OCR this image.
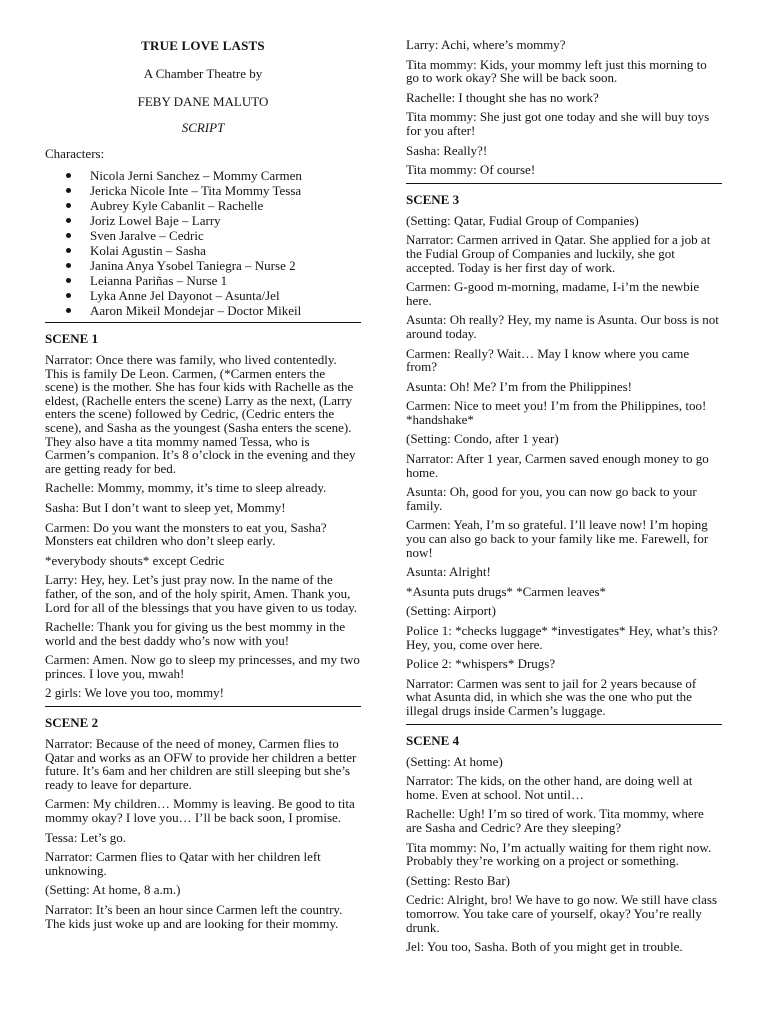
TRUE LOVE LASTS
A Chamber Theatre by
FEBY DANE MALUTO
SCRIPT
Characters:
Nicola Jerni Sanchez – Mommy Carmen
Jericka Nicole Inte – Tita Mommy Tessa
Aubrey Kyle Cabanlit – Rachelle
Joriz Lowel Baje – Larry
Sven Jaralve – Cedric
Kolai Agustin – Sasha
Janina Anya Ysobel Taniegra – Nurse 2
Leianna Pariñas – Nurse 1
Lyka Anne Jel Dayonot – Asunta/Jel
Aaron Mikeil Mondejar – Doctor Mikeil
SCENE 1

Narrator: Once there was family, who lived contentedly. This is family De Leon. Carmen, (*Carmen enters the scene) is the mother. She has four kids with Rachelle as the eldest, (Rachelle enters the scene) Larry as the next, (Larry enters the scene) followed by Cedric, (Cedric enters the scene), and Sasha as the youngest (Sasha enters the scene). They also have a tita mommy named Tessa, who is Carmen’s companion. It’s 8 o’clock in the evening and they are getting ready for bed.

Rachelle: Mommy, mommy, it’s time to sleep already.

Sasha: But I don’t want to sleep yet, Mommy!

Carmen: Do you want the monsters to eat you, Sasha? Monsters eat children who don’t sleep early.

*everybody shouts* except Cedric

Larry: Hey, hey. Let’s just pray now. In the name of the father, of the son, and of the holy spirit, Amen. Thank you, Lord for all of the blessings that you have given to us today.

Rachelle: Thank you for giving us the best mommy in the world and the best daddy who’s now with you!

Carmen: Amen. Now go to sleep my princesses, and my two princes. I love you, mwah!

2 girls: We love you too, mommy!

SCENE 2

Narrator: Because of the need of money, Carmen flies to Qatar and works as an OFW to provide her children a better future. It’s 6am and her children are still sleeping but she’s ready to leave for departure.

Carmen: My children… Mommy is leaving. Be good to tita mommy okay? I love you… I’ll be back soon, I promise.

Tessa: Let’s go.

Narrator: Carmen flies to Qatar with her children left unknowing.

(Setting: At home, 8 a.m.)

Narrator: It’s been an hour since Carmen left the country. The kids just woke up and are looking for their mommy.

Larry: Achi, where’s mommy?

Tita mommy: Kids, your mommy left just this morning to go to work okay? She will be back soon.

Rachelle: I thought she has no work?

Tita mommy: She just got one today and she will buy toys for you after!

Sasha: Really?!

Tita mommy: Of course!

SCENE 3

(Setting: Qatar, Fudial Group of Companies)

Narrator: Carmen arrived in Qatar. She applied for a job at the Fudial Group of Companies and luckily, she got accepted. Today is her first day of work.

Carmen: G-good m-morning, madame, I-i’m the newbie here.

Asunta: Oh really? Hey, my name is Asunta. Our boss is not around today.

Carmen: Really? Wait… May I know where you came from?

Asunta: Oh! Me? I’m from the Philippines!

Carmen: Nice to meet you! I’m from the Philippines, too! *handshake*

(Setting: Condo, after 1 year)

Narrator: After 1 year, Carmen saved enough money to go home.

Asunta: Oh, good for you, you can now go back to your family.

Carmen: Yeah, I’m so grateful. I’ll leave now! I’m hoping you can also go back to your family like me. Farewell, for now!

Asunta: Alright!

*Asunta puts drugs* *Carmen leaves*

(Setting: Airport)

Police 1: *checks luggage* *investigates* Hey, what’s this? Hey, you, come over here.

Police 2: *whispers* Drugs?

Narrator: Carmen was sent to jail for 2 years because of what Asunta did, in which she was the one who put the illegal drugs inside Carmen’s luggage.

SCENE 4

(Setting: At home)

Narrator: The kids, on the other hand, are doing well at home. Even at school. Not until…

Rachelle: Ugh! I’m so tired of work. Tita mommy, where are Sasha and Cedric? Are they sleeping?

Tita mommy: No, I’m actually waiting for them right now. Probably they’re working on a project or something.

(Setting: Resto Bar)

Cedric: Alright, bro! We have to go now. We still have class tomorrow. You take care of yourself, okay? You’re really drunk.

Jel: You too, Sasha. Both of you might get in trouble.
